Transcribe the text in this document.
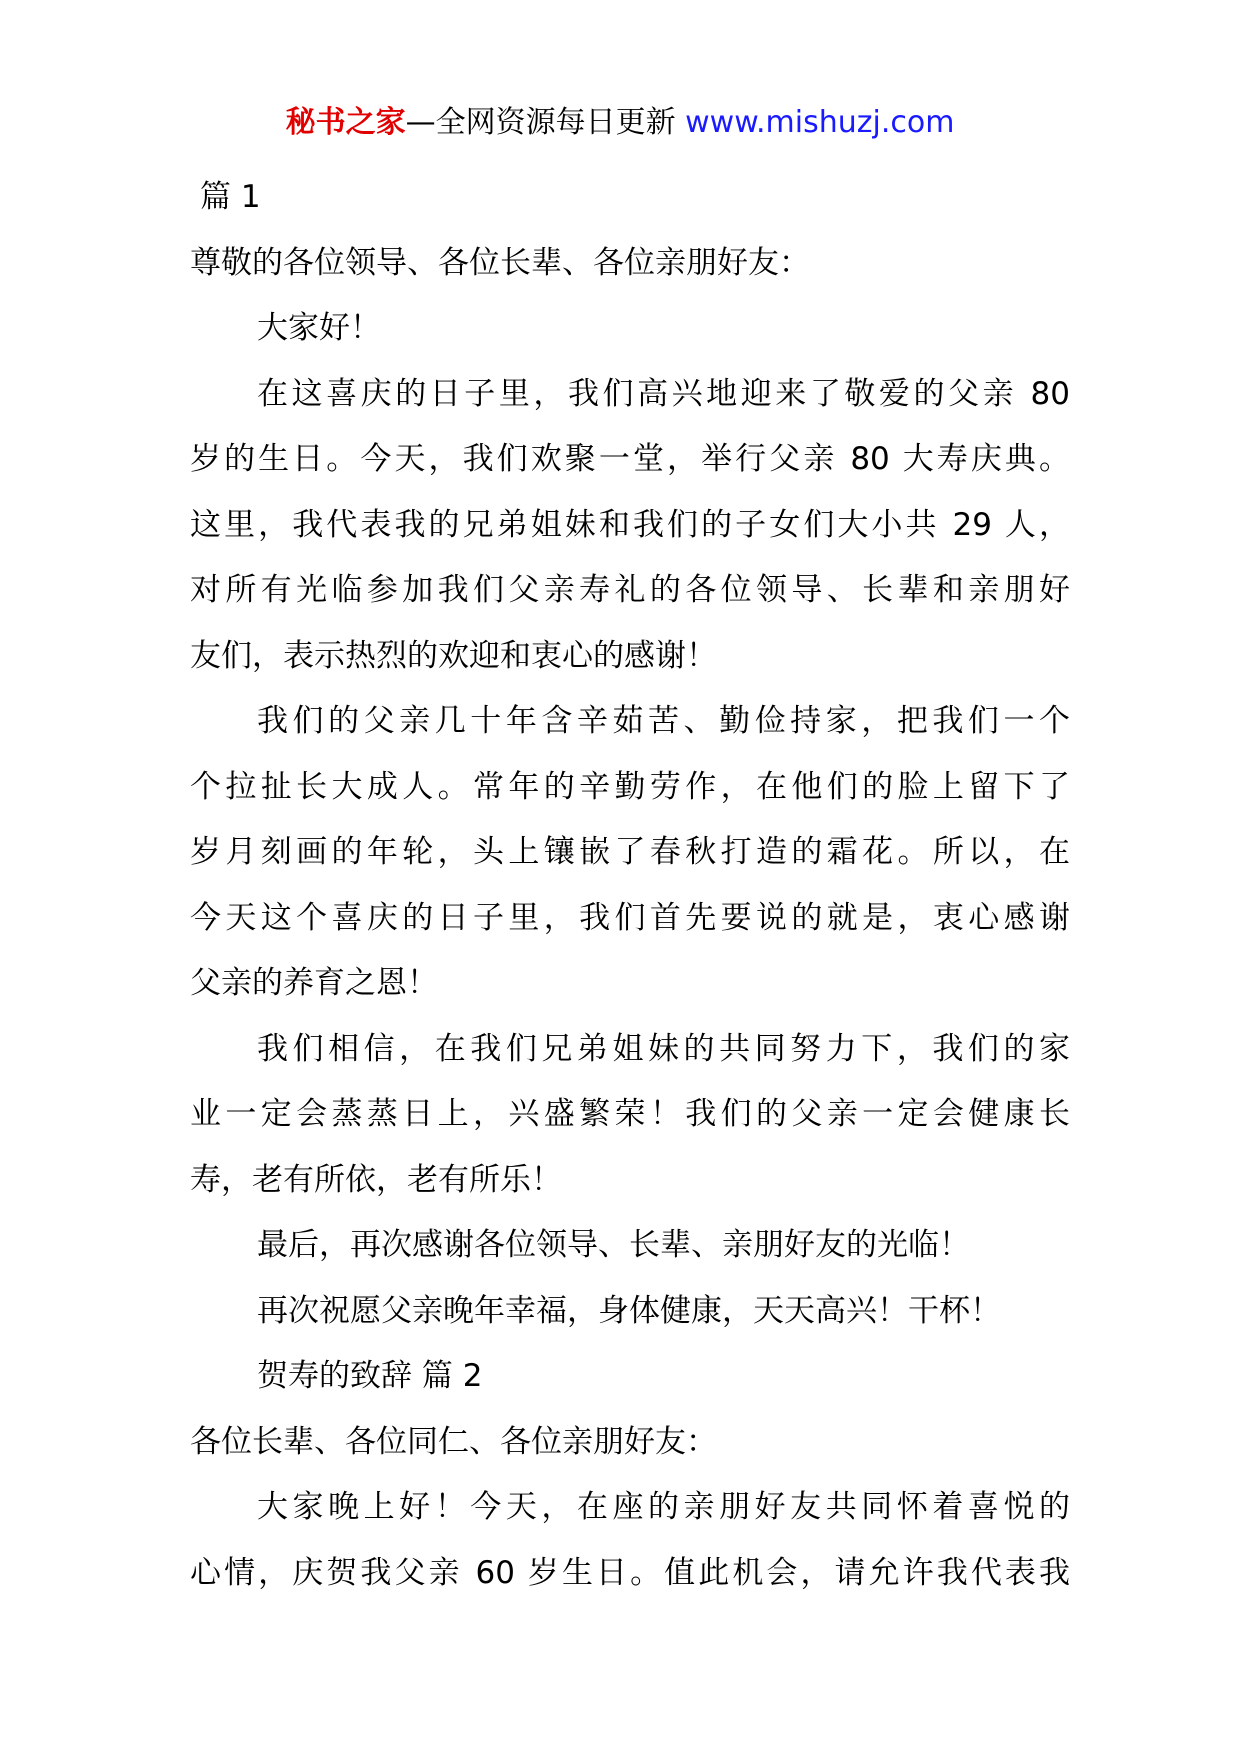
秘书之家—全网资源每日更新 www.mishuzj.com
篇 1
尊敬的各位领导、各位长辈、各位亲朋好友：
大家好！
在这喜庆的日子里，我们高兴地迎来了敬爱的父亲 80
岁的生日。今天，我们欢聚一堂，举行父亲 80 大寿庆典。
这里，我代表我的兄弟姐妹和我们的子女们大小共 29 人，
对所有光临参加我们父亲寿礼的各位领导、长辈和亲朋好
友们，表示热烈的欢迎和衷心的感谢！
我们的父亲几十年含辛茹苦、勤俭持家，把我们一个
个拉扯长大成人。常年的辛勤劳作，在他们的脸上留下了
岁月刻画的年轮，头上镶嵌了春秋打造的霜花。所以，在
今天这个喜庆的日子里，我们首先要说的就是，衷心感谢
父亲的养育之恩！
我们相信，在我们兄弟姐妹的共同努力下，我们的家
业一定会蒸蒸日上，兴盛繁荣！我们的父亲一定会健康长
寿，老有所依，老有所乐！
最后，再次感谢各位领导、长辈、亲朋好友的光临！
再次祝愿父亲晚年幸福，身体健康，天天高兴！干杯！
贺寿的致辞 篇 2
各位长辈、各位同仁、各位亲朋好友：
大家晚上好！今天，在座的亲朋好友共同怀着喜悦的
心情，庆贺我父亲 60 岁生日。值此机会，请允许我代表我
